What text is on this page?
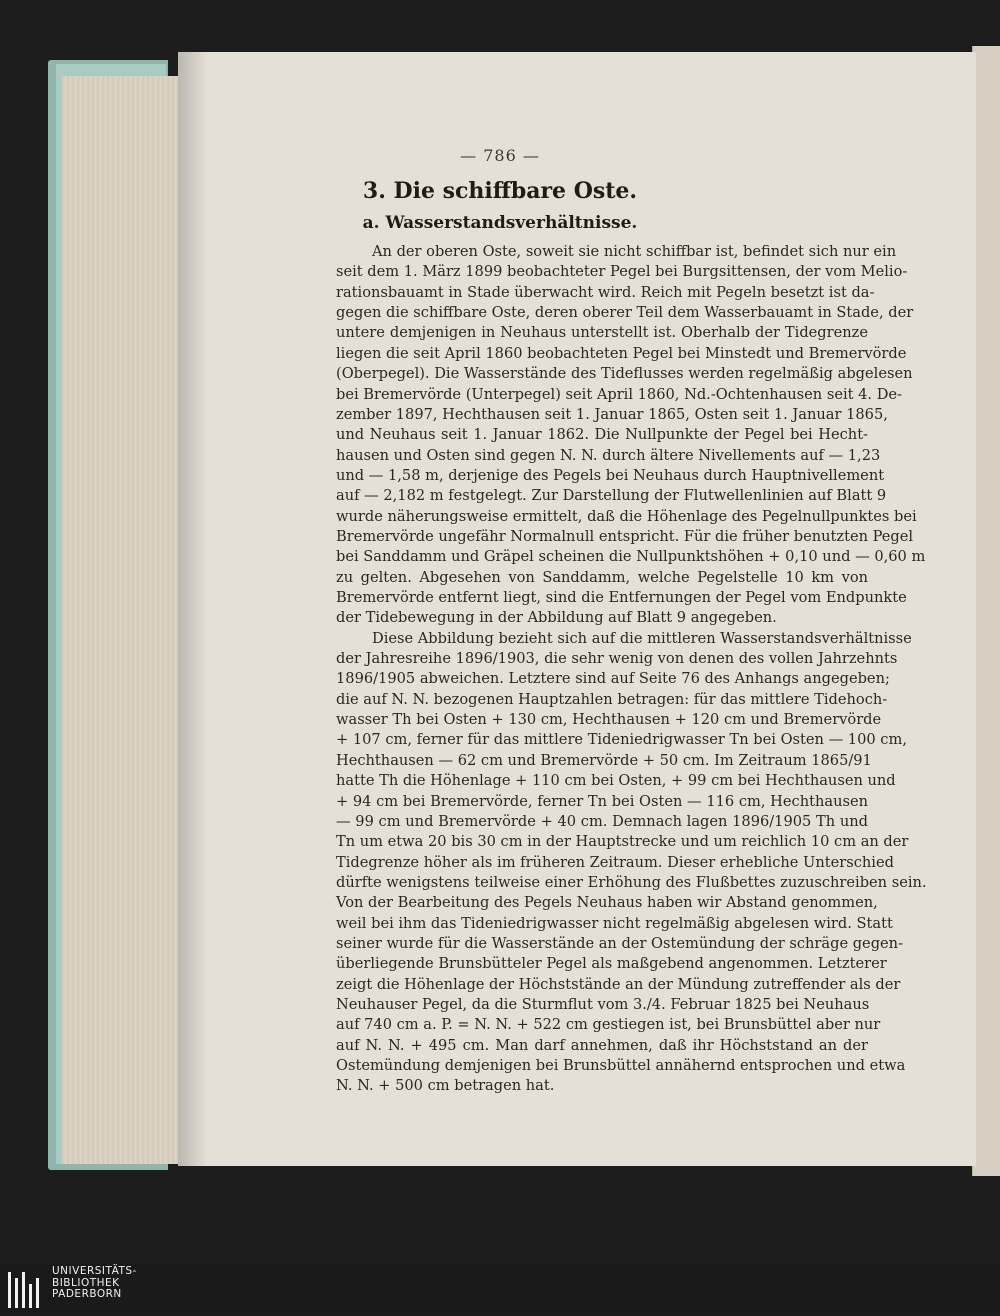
— 786 —
3. Die schiffbare Oste.
a. Wasserstandsverhältnisse.
An der oberen Oste, soweit sie nicht schiffbar ist, befindet sich nur ein
seit dem 1. März 1899 beobachteter Pegel bei Burgsittensen, der vom Melio-
rationsbauamt in Stade überwacht wird. Reich mit Pegeln besetzt ist da-
gegen die schiffbare Oste, deren oberer Teil dem Wasserbauamt in Stade, der
untere demjenigen in Neuhaus unterstellt ist. Oberhalb der Tidegrenze
liegen die seit April 1860 beobachteten Pegel bei Minstedt und Bremervörde
(Oberpegel). Die Wasserstände des Tideflusses werden regelmäßig abgelesen
bei Bremervörde (Unterpegel) seit April 1860, Nd.-Ochtenhausen seit 4. De-
zember 1897, Hechthausen seit 1. Januar 1865, Osten seit 1. Januar 1865,
und Neuhaus seit 1. Januar 1862. Die Nullpunkte der Pegel bei Hecht-
hausen und Osten sind gegen N. N. durch ältere Nivellements auf — 1,23
und — 1,58 m, derjenige des Pegels bei Neuhaus durch Hauptnivellement
auf — 2,182 m festgelegt. Zur Darstellung der Flutwellenlinien auf Blatt 9
wurde näherungsweise ermittelt, daß die Höhenlage des Pegelnullpunktes bei
Bremervörde ungefähr Normalnull entspricht. Für die früher benutzten Pegel
bei Sanddamm und Gräpel scheinen die Nullpunktshöhen + 0,10 und — 0,60 m
zu gelten. Abgesehen von Sanddamm, welche Pegelstelle 10 km von
Bremervörde entfernt liegt, sind die Entfernungen der Pegel vom Endpunkte
der Tidebewegung in der Abbildung auf Blatt 9 angegeben.
Diese Abbildung bezieht sich auf die mittleren Wasserstandsverhältnisse
der Jahresreihe 1896/1903, die sehr wenig von denen des vollen Jahrzehnts
1896/1905 abweichen. Letztere sind auf Seite 76 des Anhangs angegeben;
die auf N. N. bezogenen Hauptzahlen betragen: für das mittlere Tidehoch-
wasser Th bei Osten + 130 cm, Hechthausen + 120 cm und Bremervörde
+ 107 cm, ferner für das mittlere Tideniedrigwasser Tn bei Osten — 100 cm,
Hechthausen — 62 cm und Bremervörde + 50 cm. Im Zeitraum 1865/91
hatte Th die Höhenlage + 110 cm bei Osten, + 99 cm bei Hechthausen und
+ 94 cm bei Bremervörde, ferner Tn bei Osten — 116 cm, Hechthausen
— 99 cm und Bremervörde + 40 cm. Demnach lagen 1896/1905 Th und
Tn um etwa 20 bis 30 cm in der Hauptstrecke und um reichlich 10 cm an der
Tidegrenze höher als im früheren Zeitraum. Dieser erhebliche Unterschied
dürfte wenigstens teilweise einer Erhöhung des Flußbettes zuzuschreiben sein.
Von der Bearbeitung des Pegels Neuhaus haben wir Abstand genommen,
weil bei ihm das Tideniedrigwasser nicht regelmäßig abgelesen wird. Statt
seiner wurde für die Wasserstände an der Ostemündung der schräge gegen-
überliegende Brunsbütteler Pegel als maßgebend angenommen. Letzterer
zeigt die Höhenlage der Höchststände an der Mündung zutreffender als der
Neuhauser Pegel, da die Sturmflut vom 3./4. Februar 1825 bei Neuhaus
auf 740 cm a. P. = N. N. + 522 cm gestiegen ist, bei Brunsbüttel aber nur
auf N. N. + 495 cm. Man darf annehmen, daß ihr Höchststand an der
Ostemündung demjenigen bei Brunsbüttel annähernd entsprochen und etwa
N. N. + 500 cm betragen hat.
UNIVERSITÄTS-
BIBLIOTHEK
PADERBORN
